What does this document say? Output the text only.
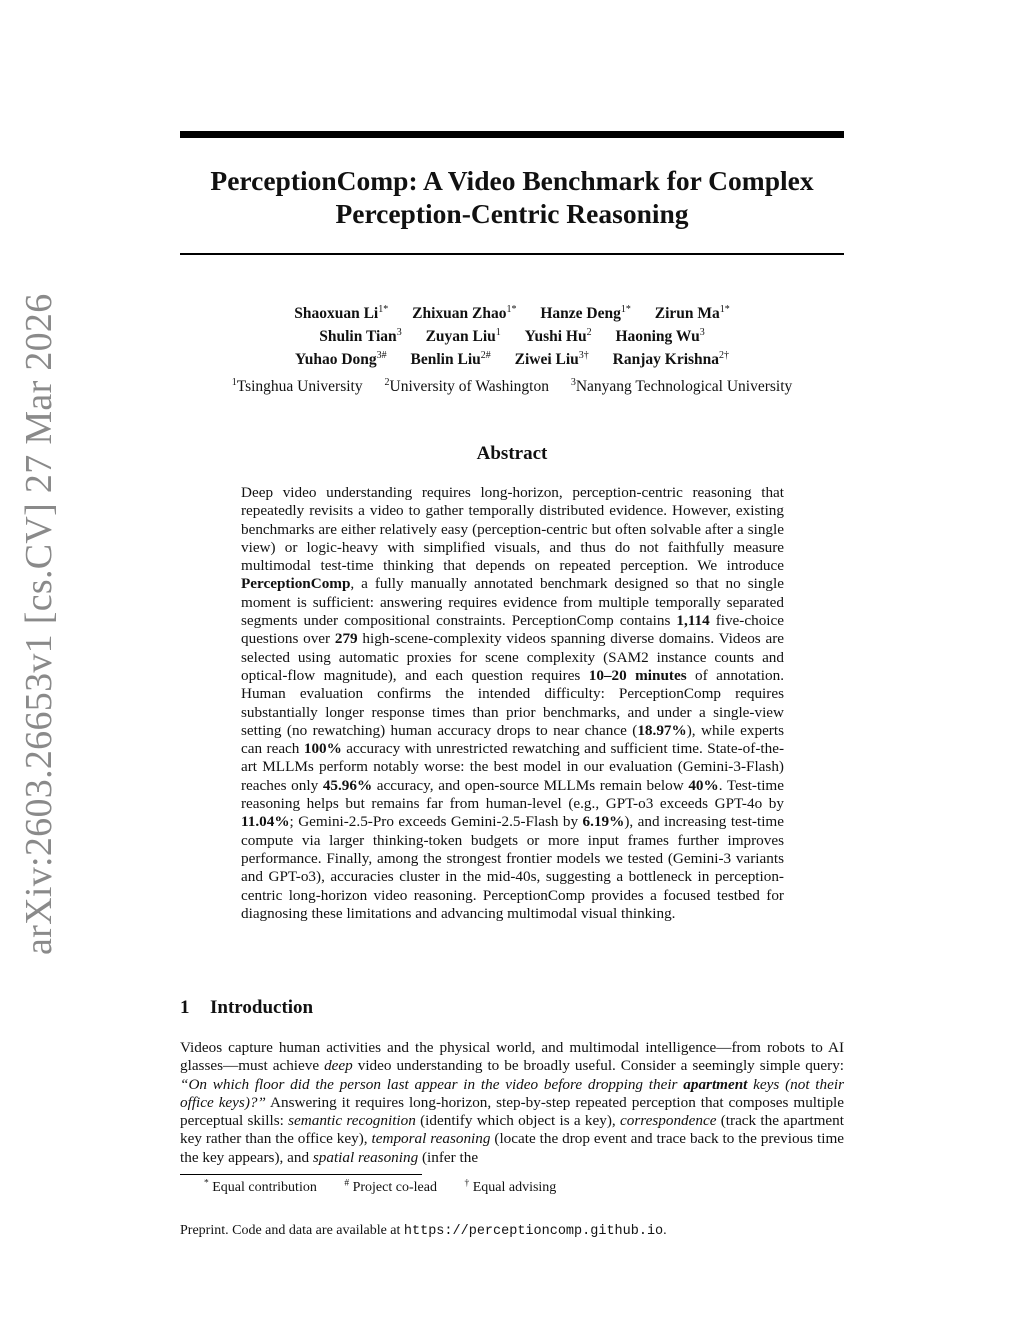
arXiv:2603.26653v1 [cs.CV] 27 Mar 2026
PerceptionComp: A Video Benchmark for Complex
Perception-Centric Reasoning
Shaoxuan $Li^{1*}$ Zhixuan Zhao$^{1*}$ Hanze Deng$^{1*}$ Zirun $Ma^{1*}$
Shulin Tian$^3$ Zuyan Liu$^1$ Yushi Hu$^2$ Haoning Wu$^3$
Yuhao Dong$^{3\#}$ Benlin Liu$^{2\#}$ Ziwei Liu$^{3\dagger}$ Ranjay Krishna$^{2\dagger}$
$^1$Tsinghua University $^2$University of Washington $^3$Nanyang Technological University
Abstract
Deep video understanding requires long-horizon, perception-centric reasoning that repeatedly revisits a video to gather temporally distributed evidence. However, existing benchmarks are either relatively easy (perception-centric but often solvable after a single view) or logic-heavy with simplified visuals, and thus do not faithfully measure multimodal test-time thinking that depends on repeated perception. We introduce PerceptionComp, a fully manually annotated benchmark designed so that no single moment is sufficient: answering requires evidence from multiple temporally separated segments under compositional constraints. PerceptionComp contains 1,114 five-choice questions over 279 high-scene-complexity videos spanning diverse domains. Videos are selected using automatic proxies for scene complexity (SAM2 instance counts and optical-flow magnitude), and each question requires 10–20 minutes of annotation. Human evaluation confirms the intended difficulty: PerceptionComp requires substantially longer response times than prior benchmarks, and under a single-view setting (no rewatching) human accuracy drops to near chance (18.97%), while experts can reach 100% accuracy with unrestricted rewatching and sufficient time. State-of-the-art MLLMs perform notably worse: the best model in our evaluation (Gemini-3-Flash) reaches only 45.96% accuracy, and open-source MLLMs remain below 40%. Test-time reasoning helps but remains far from human-level (e.g., GPT-o3 exceeds GPT-4o by 11.04%; Gemini-2.5-Pro exceeds Gemini-2.5-Flash by 6.19%), and increasing test-time compute via larger thinking-token budgets or more input frames further improves performance. Finally, among the strongest frontier models we tested (Gemini-3 variants and GPT-o3), accuracies cluster in the mid-40s, suggesting a bottleneck in perception-centric long-horizon video reasoning. PerceptionComp provides a focused testbed for diagnosing these limitations and advancing multimodal visual thinking.
1 Introduction
Videos capture human activities and the physical world, and multimodal intelligence—from robots to AI glasses—must achieve deep video understanding to be broadly useful. Consider a seemingly simple query: “On which floor did the person last appear in the video before dropping their apartment keys (not their office keys)?” Answering it requires long-horizon, step-by-step repeated perception that composes multiple perceptual skills: semantic recognition (identify which object is a key), correspondence (track the apartment key rather than the office key), temporal reasoning (locate the drop event and trace back to the previous time the key appears), and spatial reasoning (infer the
* Equal contribution	# Project co-lead	† Equal advising
Preprint. Code and data are available at https://perceptioncomp.github.io.
